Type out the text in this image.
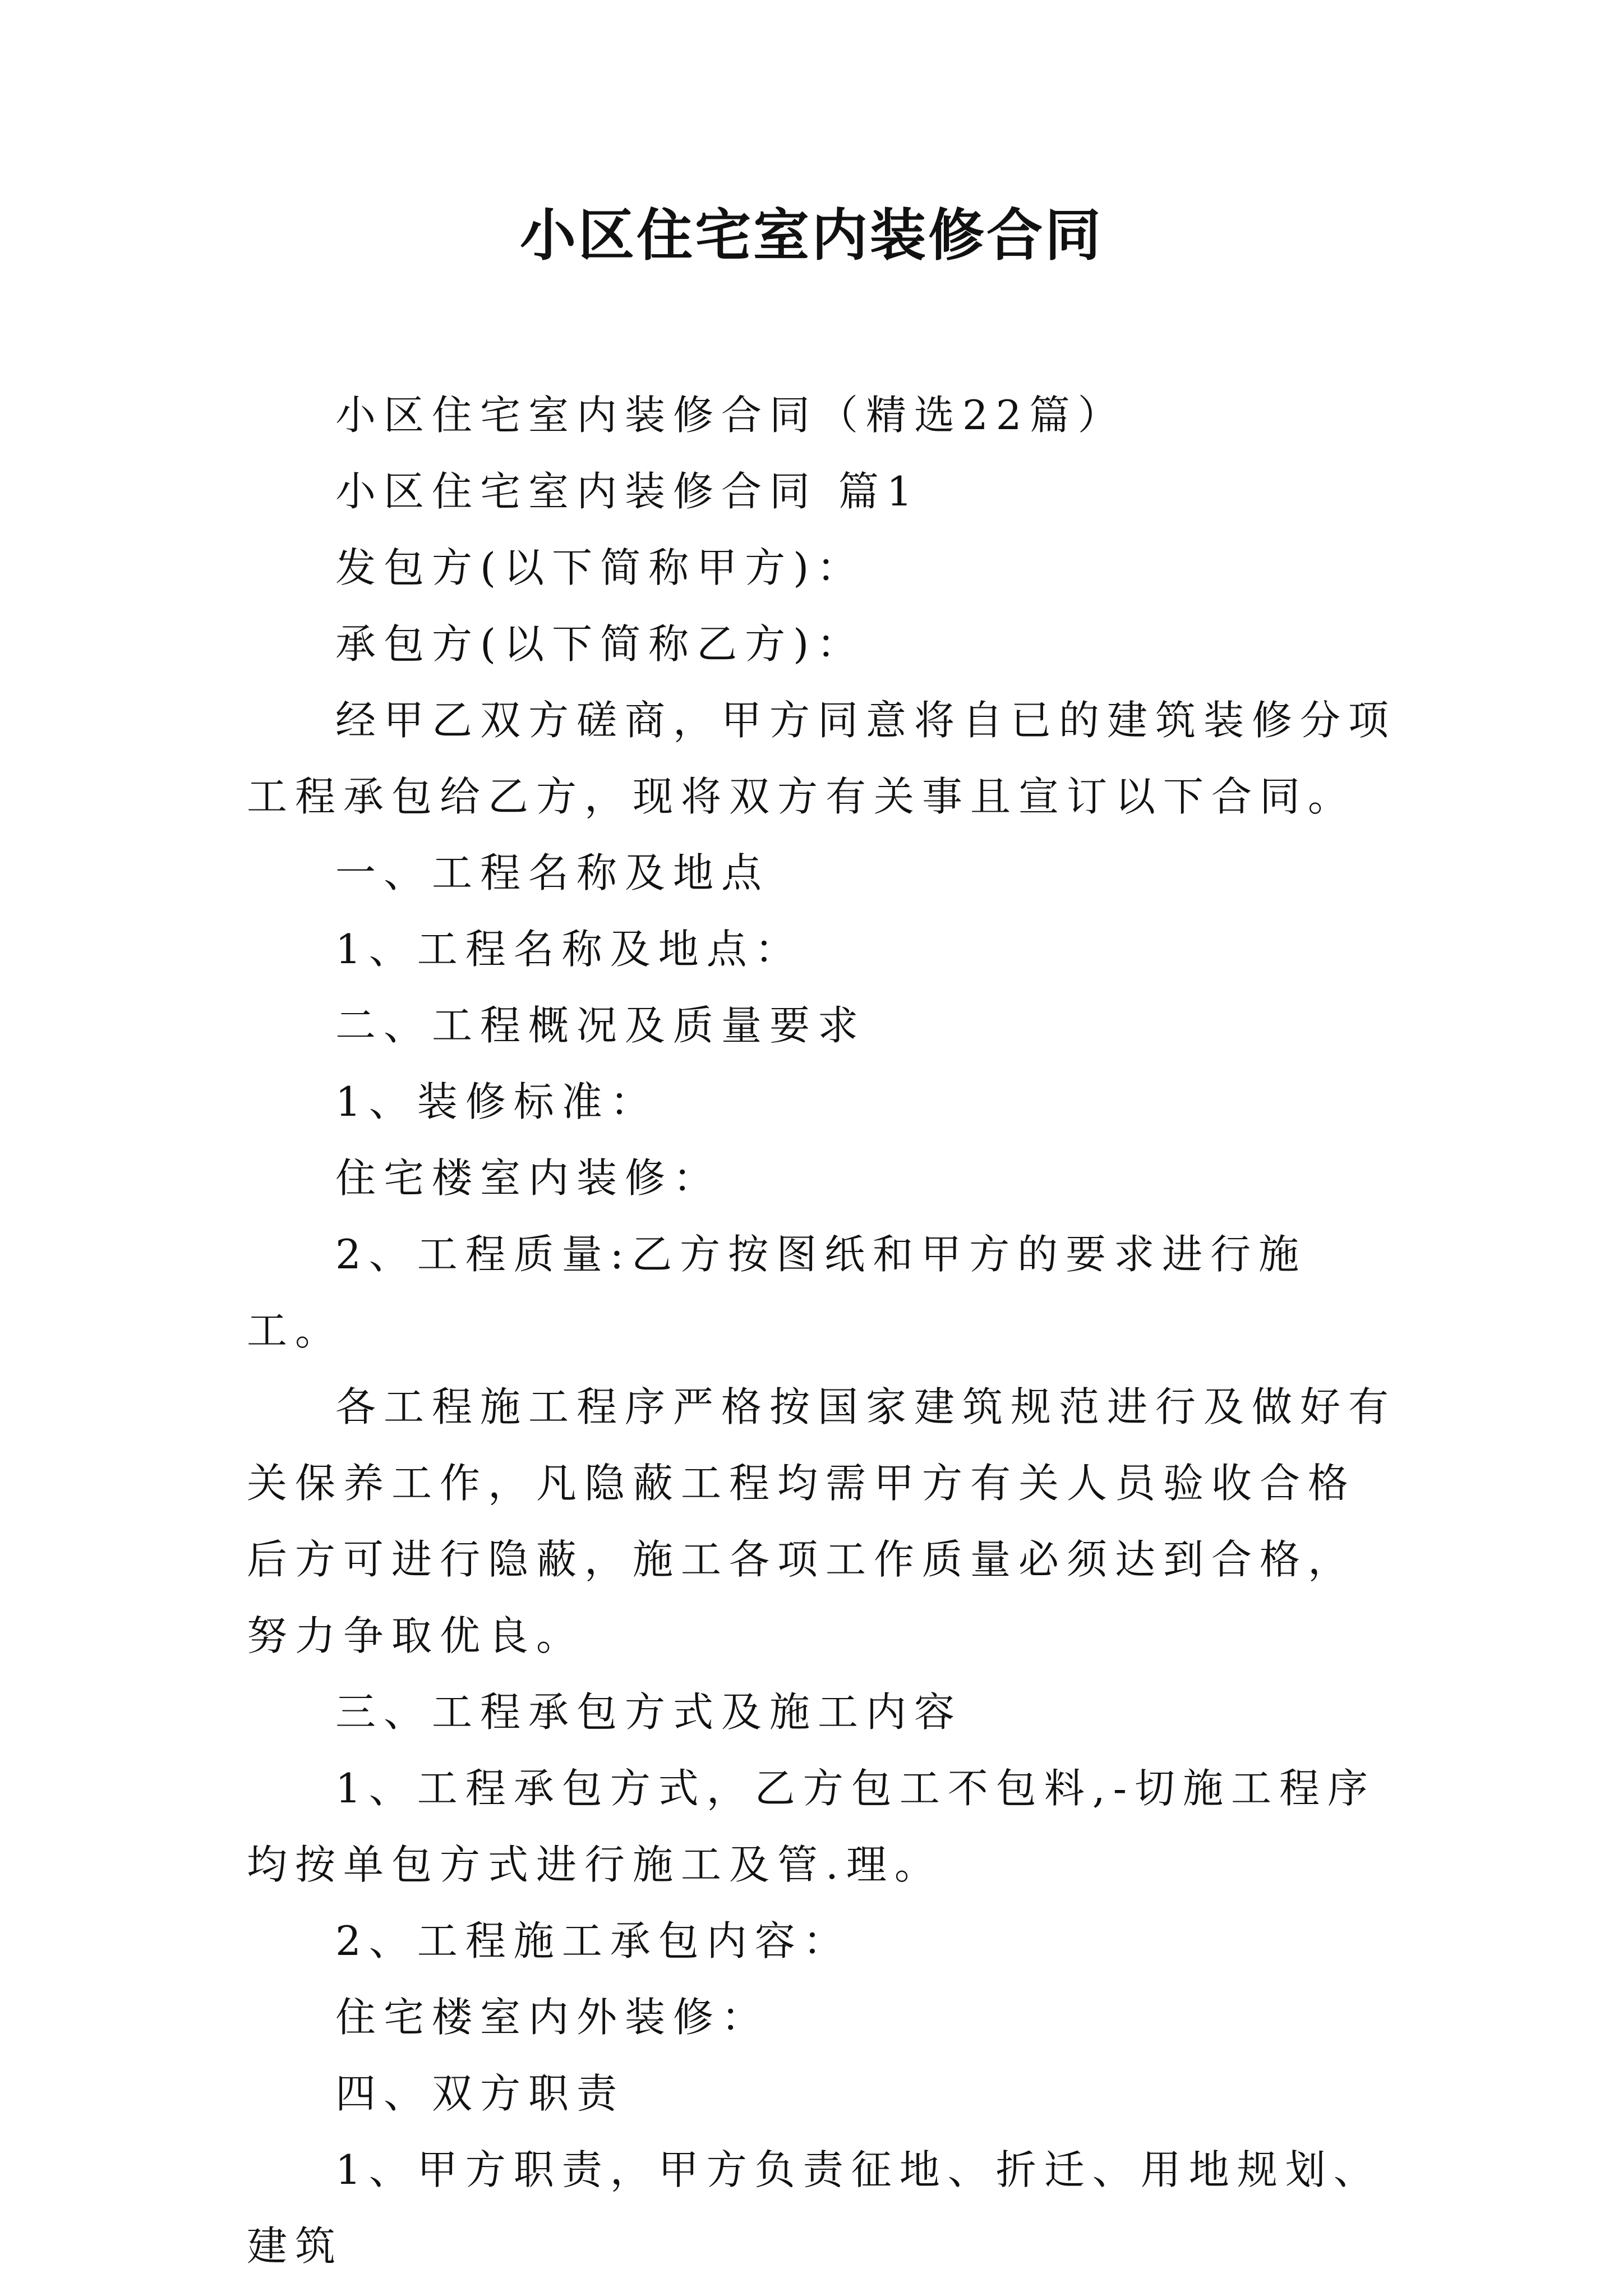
小区住宅室内装修合同

小区住宅室内装修合同（精选22篇）

小区住宅室内装修合同 篇1

发包方(以下简称甲方)：

承包方(以下简称乙方)：

经甲乙双方磋商，甲方同意将自已的建筑装修分项工程承包给乙方，现将双方有关事且宣订以下合同。

一、工程名称及地点

1、工程名称及地点：

二、工程概况及质量要求

1、装修标准：

住宅楼室内装修：

2、工程质量:乙方按图纸和甲方的要求进行施工。

各工程施工程序严格按国家建筑规范进行及做好有关保养工作，凡隐蔽工程均需甲方有关人员验收合格后方可进行隐蔽，施工各项工作质量必须达到合格，努力争取优良。

三、工程承包方式及施工内容

1、工程承包方式，乙方包工不包料,-切施工程序均按单包方式进行施工及管.理。

2、工程施工承包内容：

住宅楼室内外装修：

四、双方职责

1、甲方职责，甲方负责征地、折迁、用地规划、建筑
